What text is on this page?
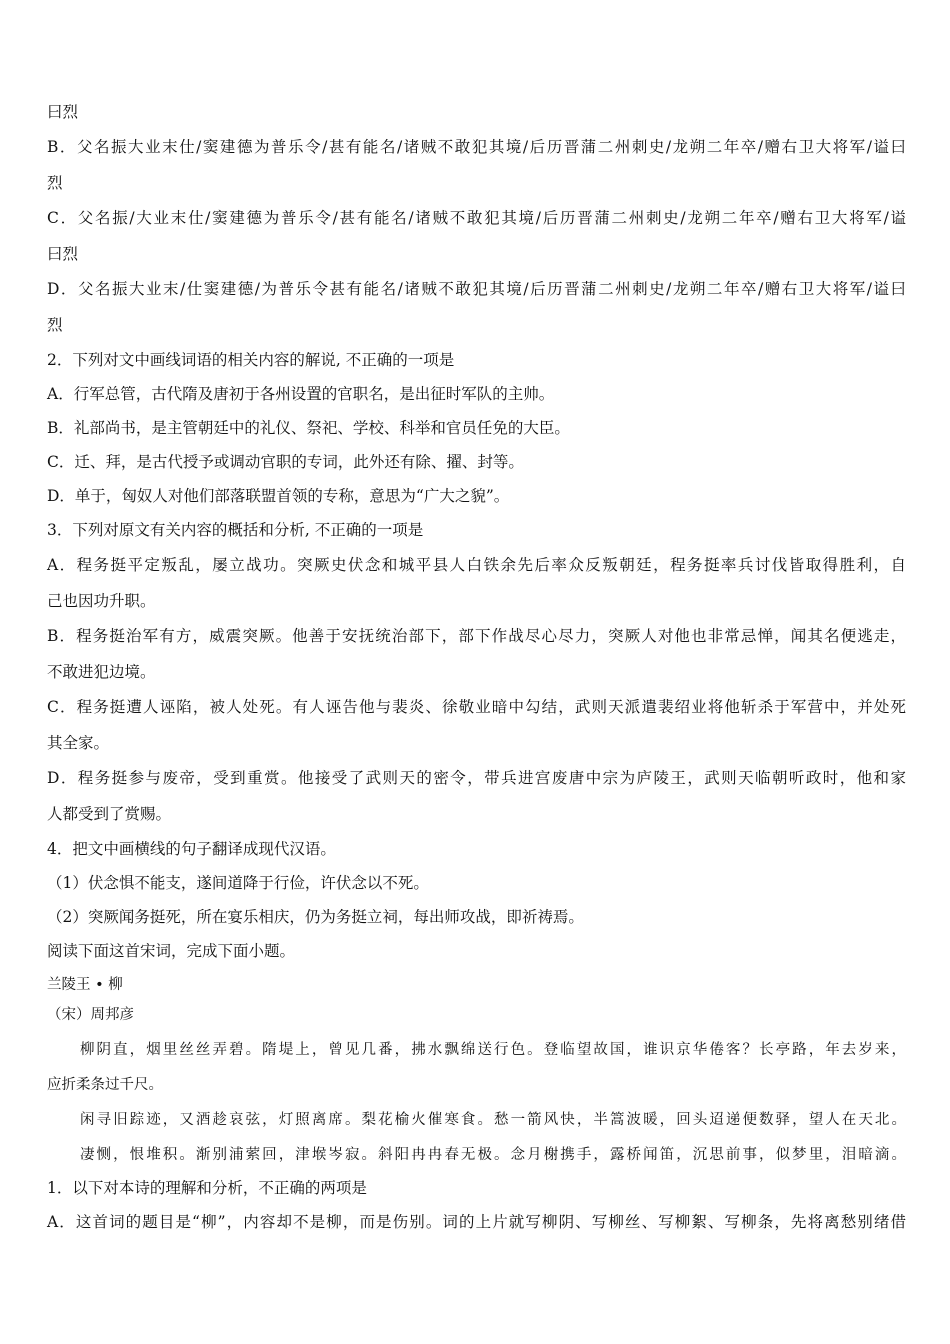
曰烈
B．父名振大业末仕/窦建德为普乐令/甚有能名/诸贼不敢犯其境/后历晋蒲二州刺史/龙朔二年卒/赠右卫大将军/谥曰
烈
C．父名振/大业末仕/窦建德为普乐令/甚有能名/诸贼不敢犯其境/后历晋蒲二州刺史/龙朔二年卒/赠右卫大将军/谥
曰烈
D．父名振大业末/仕窦建德/为普乐令甚有能名/诸贼不敢犯其境/后历晋蒲二州刺史/龙朔二年卒/赠右卫大将军/谥曰
烈
2．下列对文中画线词语的相关内容的解说, 不正确的一项是
A．行军总管，古代隋及唐初于各州设置的官职名，是出征时军队的主帅。
B．礼部尚书，是主管朝廷中的礼仪、祭祀、学校、科举和官员任免的大臣。
C．迁、拜，是古代授予或调动官职的专词，此外还有除、擢、封等。
D．单于，匈奴人对他们部落联盟首领的专称，意思为“广大之貌”。
3．下列对原文有关内容的概括和分析, 不正确的一项是
A．程务挺平定叛乱，屡立战功。突厥史伏念和城平县人白铁余先后率众反叛朝廷，程务挺率兵讨伐皆取得胜利，自
己也因功升职。
B．程务挺治军有方，威震突厥。他善于安抚统治部下，部下作战尽心尽力，突厥人对他也非常忌惮，闻其名便逃走，
不敢进犯边境。
C．程务挺遭人诬陷，被人处死。有人诬告他与裴炎、徐敬业暗中勾结，武则天派遣裴绍业将他斩杀于军营中，并处死
其全家。
D．程务挺参与废帝，受到重赏。他接受了武则天的密令，带兵进宫废唐中宗为庐陵王，武则天临朝听政时，他和家
人都受到了赏赐。
4．把文中画横线的句子翻译成现代汉语。
（1）伏念惧不能支，遂间道降于行俭，许伏念以不死。
（2）突厥闻务挺死，所在宴乐相庆，仍为务挺立祠，每出师攻战，即祈祷焉。
阅读下面这首宋词，完成下面小题。
兰陵王 • 柳
（宋）周邦彦
柳阴直，烟里丝丝弄碧。隋堤上，曾见几番，拂水飘绵送行色。登临望故国，谁识京华倦客？长亭路，年去岁来，
应折柔条过千尺。
闲寻旧踪迹，又酒趁哀弦，灯照离席。梨花榆火催寒食。愁一箭风快，半篙波暖，回头迢递便数驿，望人在天北。
凄恻，恨堆积。渐别浦萦回，津堠岑寂。斜阳冉冉春无极。念月榭携手，露桥闻笛，沉思前事，似梦里，泪暗滴。
1．以下对本诗的理解和分析，不正确的两项是
A．这首词的题目是“柳”，内容却不是柳，而是伤别。词的上片就写柳阴、写柳丝、写柳絮、写柳条，先将离愁别绪借
